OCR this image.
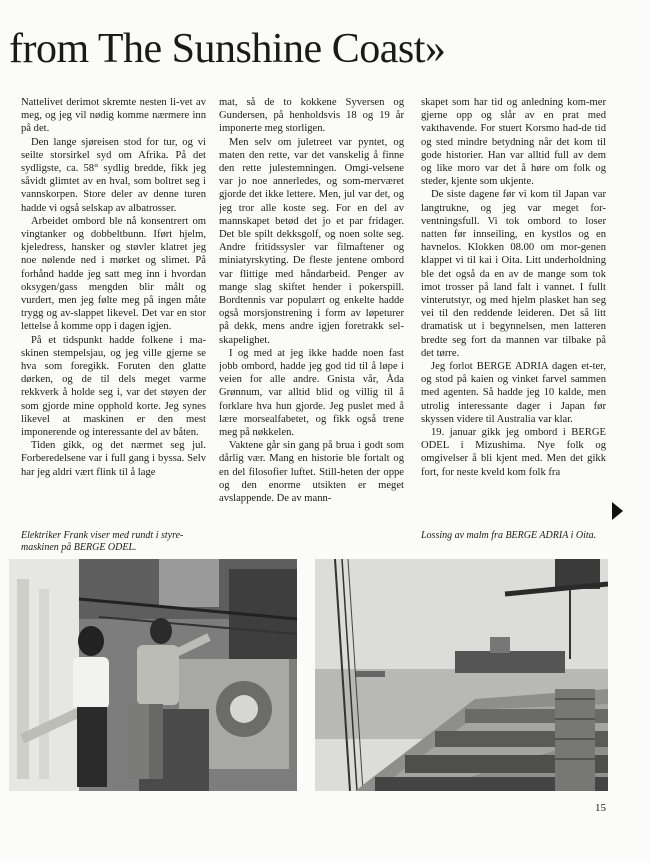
from The Sunshine Coast»

Nattelivet derimot skremte nesten li-vet av meg, og jeg vil nødig komme nærmere inn på det.

Den lange sjøreisen stod for tur, og vi seilte storsirkel syd om Afrika. På det sydligste, ca. 58° sydlig bredde, fikk jeg såvidt glimtet av en hval, som boltret seg i vannskorpen. Store deler av denne turen hadde vi også selskap av albatrosser.

Arbeidet ombord ble nå konsentrert om vingtanker og dobbeltbunn. Iført hjelm, kjeledress, hansker og støvler klatret jeg noe nølende ned i mørket og slimet. På forhånd hadde jeg satt meg inn i hvordan oksygen/gass mengden blir målt og vurdert, men jeg følte meg på ingen måte trygg og av-slappet likevel. Det var en stor lettelse å komme opp i dagen igjen.

På et tidspunkt hadde folkene i ma-skinen stempelsjau, og jeg ville gjerne se hva som foregikk. Foruten den glatte dørken, og de til dels meget varme rekkverk å holde seg i, var det støyen der som gjorde mine opphold korte. Jeg synes likevel at maskinen er den mest imponerende og interessante del av båten.

Tiden gikk, og det nærmet seg jul. Forberedelsene var i full gang i byssa. Selv har jeg aldri vært flink til å lage

mat, så de to kokkene Syversen og Gundersen, på henholdsvis 18 og 19 år imponerte meg storligen.

Men selv om juletreet var pyntet, og maten den rette, var det vanskelig å finne den rette julestemningen. Omgi-velsene var jo noe annerledes, og som-merværet gjorde det ikke lettere. Men, jul var det, og jeg tror alle koste seg. For en del av mannskapet betød det jo et par fridager. Det ble spilt dekksgolf, og noen solte seg. Andre fritidssysler var filmaftener og miniatyrskyting. De fleste jentene ombord var flittige med håndarbeid. Penger av mange slag skiftet hender i pokerspill. Bordtennis var populært og enkelte hadde også morsjonstrening i form av løpeturer på dekk, mens andre igjen foretrakk sel-skapelighet.

I og med at jeg ikke hadde noen fast jobb ombord, hadde jeg god tid til å løpe i veien for alle andre. Gnista vår, Åda Grønnum, var alltid blid og villig til å forklare hva hun gjorde. Jeg puslet med å lære morsealfabetet, og fikk også trene meg på nøkkelen.

Vaktene går sin gang på brua i godt som dårlig vær. Mang en historie ble fortalt og en del filosofier luftet. Still-heten der oppe og den enorme utsikten er meget avslappende. De av mann-

skapet som har tid og anledning kom-mer gjerne opp og slår av en prat med vakthavende. For stuert Korsmo had-de tid og sted mindre betydning når det kom til gode historier. Han var alltid full av dem og like moro var det å høre om folk og steder, kjente som ukjente.

De siste dagene før vi kom til Japan var langtrukne, og jeg var meget for-ventningsfull. Vi tok ombord to loser natten før innseiling, en kystlos og en havnelos. Klokken 08.00 om mor-genen klappet vi til kai i Oita. Litt underholdning ble det også da en av de mange som tok imot trosser på land falt i vannet. I fullt vinterutstyr, og med hjelm plasket han seg vei til den reddende leideren. Det så litt dramatisk ut i begynnelsen, men latteren bredte seg fort da mannen var tilbake på det tørre.

Jeg forlot BERGE ADRIA dagen et-ter, og stod på kaien og vinket farvel sammen med agenten. Så hadde jeg 10 kalde, men utrolig interessante dager i Japan før skyssen videre til Australia var klar.

19. januar gikk jeg ombord i BERGE ODEL i Mizushima. Nye folk og omgivelser å bli kjent med. Men det gikk fort, for neste kveld kom folk fra

Elektriker Frank viser med rundt i styre-maskinen på BERGE ODEL.
Lossing av malm fra BERGE ADRIA i Oita.
15
